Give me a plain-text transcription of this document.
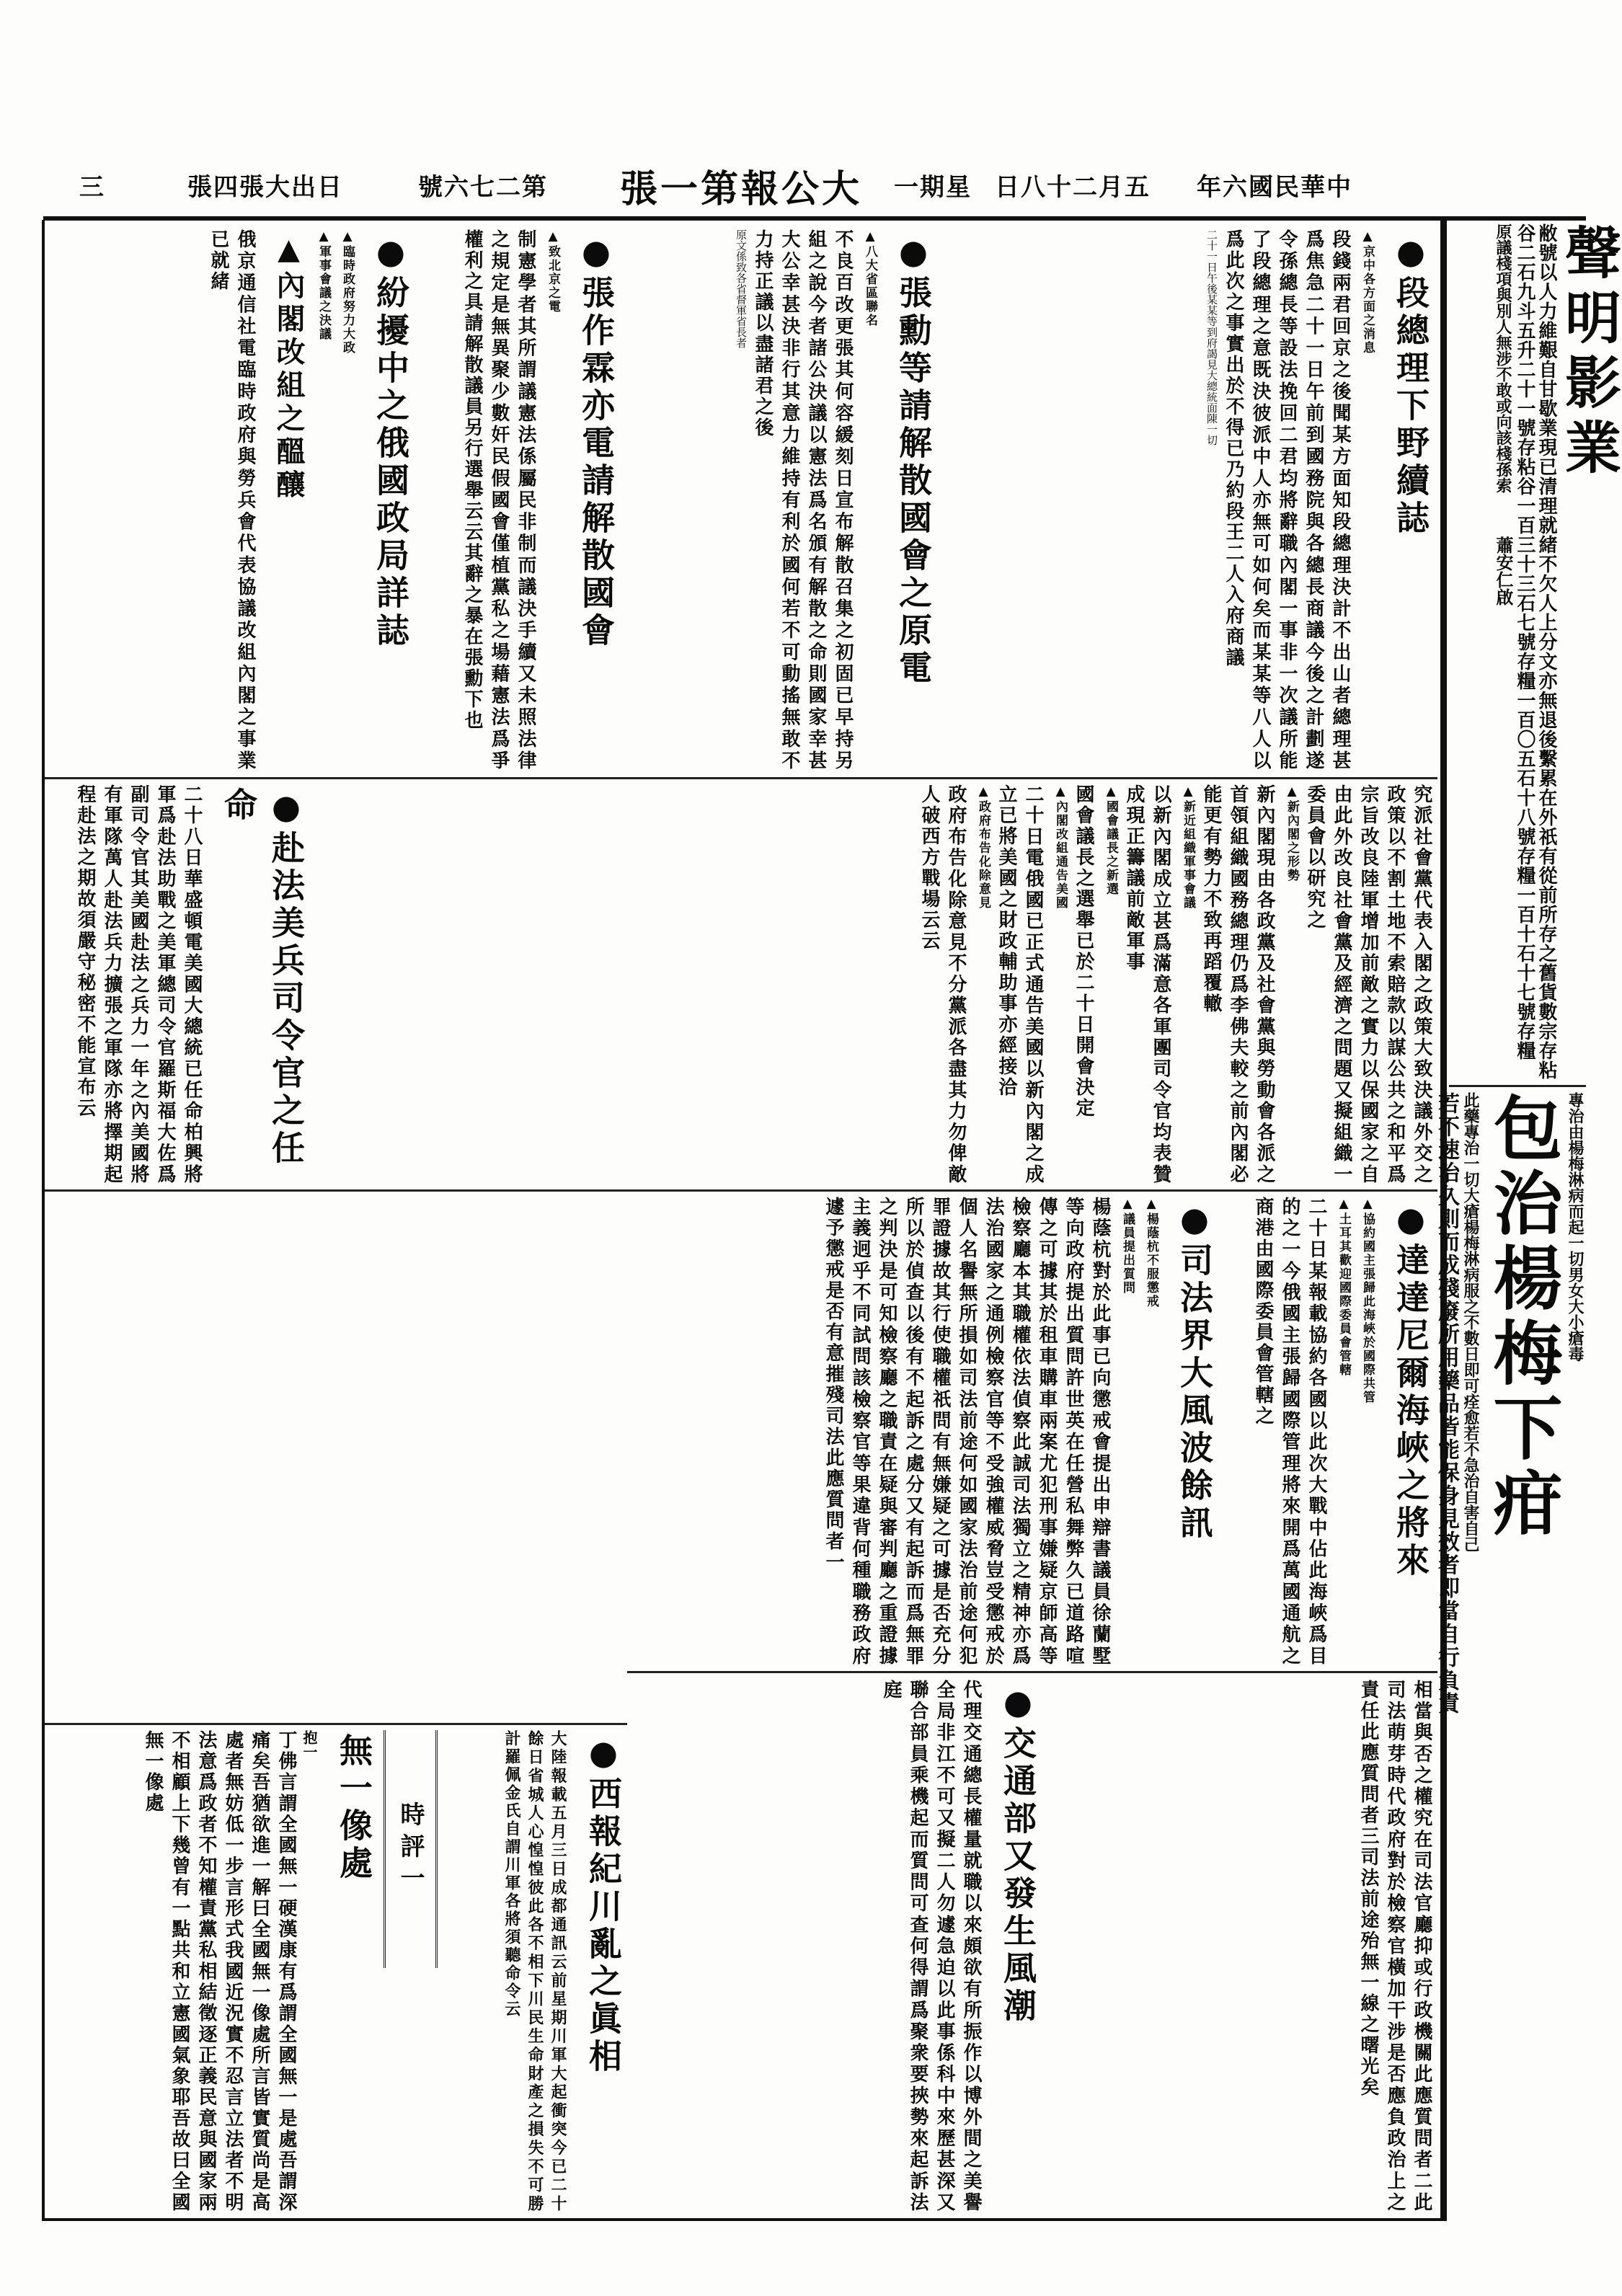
中華民國六年
五月二十八日
星期一
大公報第一張
第二七六號
日出大張四張
三
●段總理下野續誌
▲京中各方面之消息
段錢兩君回京之後聞某方面知段總理決計不出山者總理甚爲焦急二十一日午前到國務院與各總長商議今後之計劃遂令孫總長等設法挽回二君均將辭職內閣一事非一次議所能了段總理之意既決彼派中人亦無可如何矣而某某等八人以爲此次之事實出於不得已乃約段王二人入府商議
二十一日午後某某等到府謁見大總統面陳一切
●張勳等請解散國會之原電
▲八大省區聯名
不良百改更張其何容緩刻日宣布解散召集之初固已早持另組之說今者諸公決議以憲法爲名頒有解散之命則國家幸甚大公幸甚決非行其意力維持有利於國何若不可動搖無敢不力持正議以盡諸君之後
原文係致各省督軍省長者
●張作霖亦電請解散國會
▲致北京之電
制憲學者其所謂議憲法係屬民非制而議決手續又未照法律之規定是無異聚少數奸民假國會僅植黨私之場藉憲法爲爭權利之具請解散議員另行選舉云云其辭之暴在張勳下也
●紛擾中之俄國政局詳誌
▲臨時政府努力大政
▲軍事會議之決議
▲內閣改組之醞釀
俄京通信社電臨時政府與勞兵會代表協議改組內閣之事業已就緒
究派社會黨代表入閣之政策大致決議外交之政策以不割土地不索賠款以謀公共之和平爲宗旨改良陸軍增加前敵之實力以保國家之自由此外改良社會黨及經濟之問題又擬組織一委員會以研究之
▲新內閣之形勢
新內閣現由各政黨及社會黨與勞動會各派之首領組織國務總理仍爲李佛夫較之前內閣必能更有勢力不致再蹈覆轍
▲新近組織軍事會議
以新內閣成立甚爲滿意各軍團司令官均表贊成現正籌議前敵軍事
▲國會議長之新選
國會議長之選舉已於二十日開會決定
▲內閣改組通告美國
二十日電俄國已正式通告美國以新內閣之成立已將美國之財政輔助事亦經接洽
▲政府布告化除意見
政府布告化除意見不分黨派各盡其力勿俾敵人破西方戰場云云
●赴法美兵司令官之任命
二十八日華盛頓電美國大總統已任命柏興將軍爲赴法助戰之美軍總司令官羅斯福大佐爲副司令官其美國赴法之兵力一年之內美國將有軍隊萬人赴法兵力擴張之軍隊亦將擇期起程赴法之期故須嚴守秘密不能宣布云
●達達尼爾海峽之將來
▲協約國主張歸此海峽於國際共管
▲土耳其歡迎國際委員會管轄
二十日某報載協約各國以此次大戰中佔此海峽爲目的之一今俄國主張歸國際管理將來開爲萬國通航之商港由國際委員會管轄之
●司法界大風波餘訊
▲楊蔭杭不服懲戒
▲議員提出質問
楊蔭杭對於此事已向懲戒會提出申辯書議員徐蘭墅等向政府提出質問許世英在任營私舞弊久已道路喧傳之可據其於租車購車兩案尤犯刑事嫌疑京師高等檢察廳本其職權依法偵察此誠司法獨立之精神亦爲法治國家之通例檢察官等不受強權威脅豈受懲戒於個人名譽無所損如司法前途何如國家法治前途何犯罪證據故其行使職權祇問有無嫌疑之可據是否充分所以於偵查以後有不起訴之處分又有起訴而爲無罪之判決是可知檢察廳之職責在疑與審判廳之重證據主義迥乎不同試問該檢察官等果違背何種職務政府遽予懲戒是否有意摧殘司法此應質問者一
相當與否之權究在司法官廳抑或行政機關此應質問者二此司法萌芽時代政府對於檢察官橫加干涉是否應負政治上之責任此應質問者三司法前途殆無一線之曙光矣
●交通部又發生風潮
代理交通總長權量就職以來頗欲有所振作以博外間之美譽全局非江不可又擬二人勿遽急迫以此事係科中來歷甚深又聯合部員乘機起而質問可查何得謂爲聚衆要挾勢來起訴法庭
●西報紀川亂之眞相
大陸報載五月三日成都通訊云前星期川軍大起衝突今已二十餘日省城人心惶惶彼此各不相下川民生命財產之損失不可勝計羅佩金氏自謂川軍各將須聽命令云
時評一
無一像處
抱一
丁佛言謂全國無一硬漢康有爲謂全國無一是處吾謂深痛矣吾猶欲進一解曰全國無一像處所言皆實質尚是高處者無妨低一步言形式我國近況實不忍言立法者不明法意爲政者不知權責黨私相結徵逐正義民意與國家兩不相顧上下幾曾有一點共和立憲國氣象耶吾故曰全國無一像處
聲明影業
敝號以人力維艱自甘歇業現已清理就緒不欠人上分文亦無退後繫累在外祇有從前所存之舊貨數宗存粘谷二石九斗五升二十一號存粘谷一百三十三石七號存糧一百〇五石十八號存糧一百十石十七號存糧
原議棧項與別人無涉不敢或向該棧孫索蕭安仁啟
專治由楊梅淋病而起一切男女大小瘡毒
包治楊梅下疳
此藥專治一切大瘡楊梅淋病服之不數日即可痊愈若不急治自害自己
若不速治久則而成殘廢所用藥品皆能保身見效者即當自行負責
